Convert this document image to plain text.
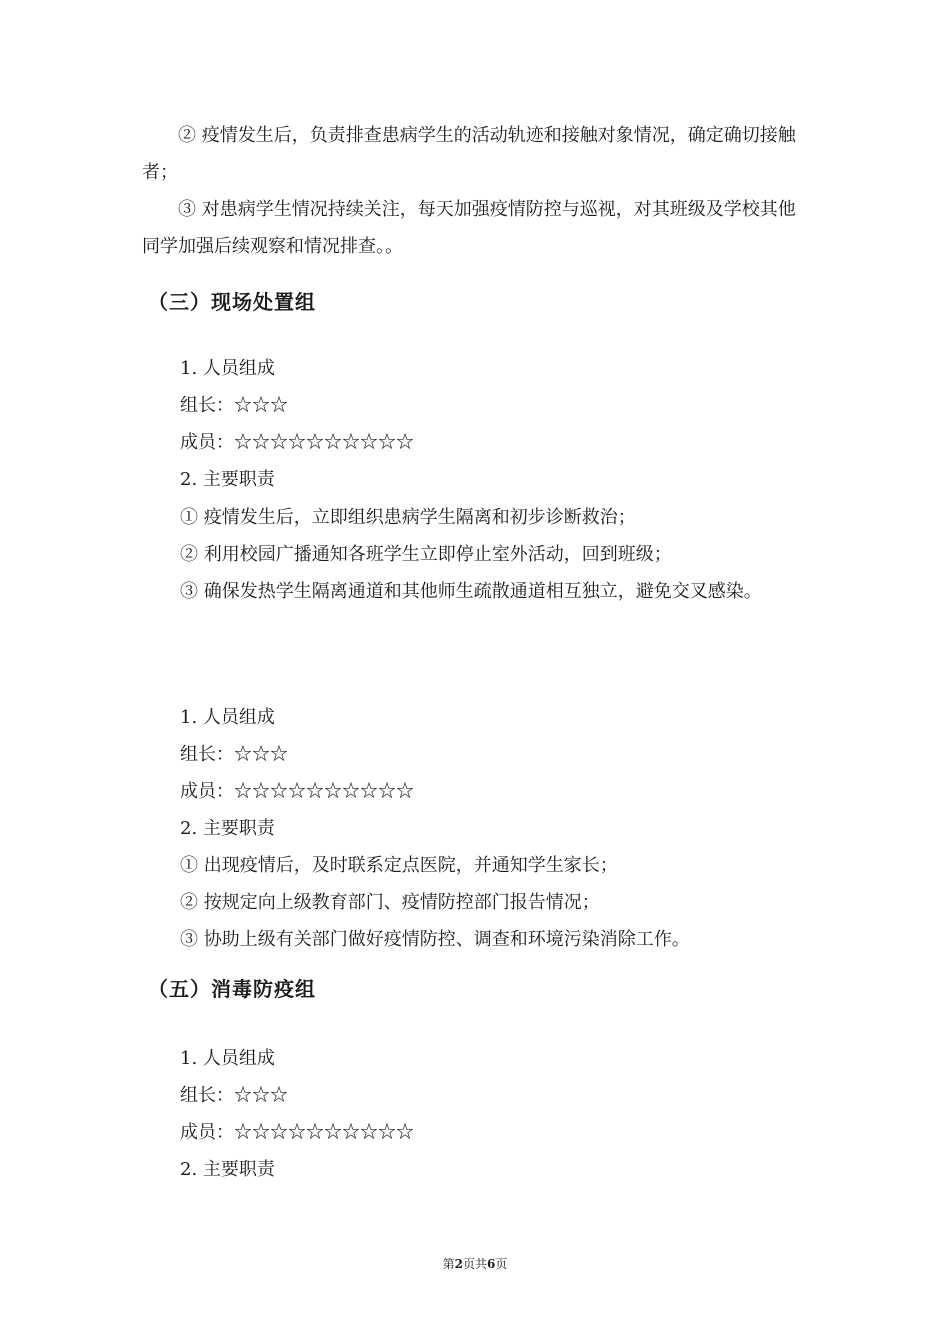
② 疫情发生后，负责排查患病学生的活动轨迹和接触对象情况，确定确切接触者；
③ 对患病学生情况持续关注，每天加强疫情防控与巡视，对其班级及学校其他同学加强后续观察和情况排查。。
（三）现场处置组
1. 人员组成
组长：☆☆☆
成员：☆☆☆☆☆☆☆☆☆☆
2. 主要职责
① 疫情发生后，立即组织患病学生隔离和初步诊断救治；
② 利用校园广播通知各班学生立即停止室外活动，回到班级；
③ 确保发热学生隔离通道和其他师生疏散通道相互独立，避免交叉感染。
1. 人员组成
组长：☆☆☆
成员：☆☆☆☆☆☆☆☆☆☆
2. 主要职责
① 出现疫情后，及时联系定点医院，并通知学生家长；
② 按规定向上级教育部门、疫情防控部门报告情况；
③ 协助上级有关部门做好疫情防控、调查和环境污染消除工作。
（五）消毒防疫组
1. 人员组成
组长：☆☆☆
成员：☆☆☆☆☆☆☆☆☆☆
2. 主要职责
第2页共6页
